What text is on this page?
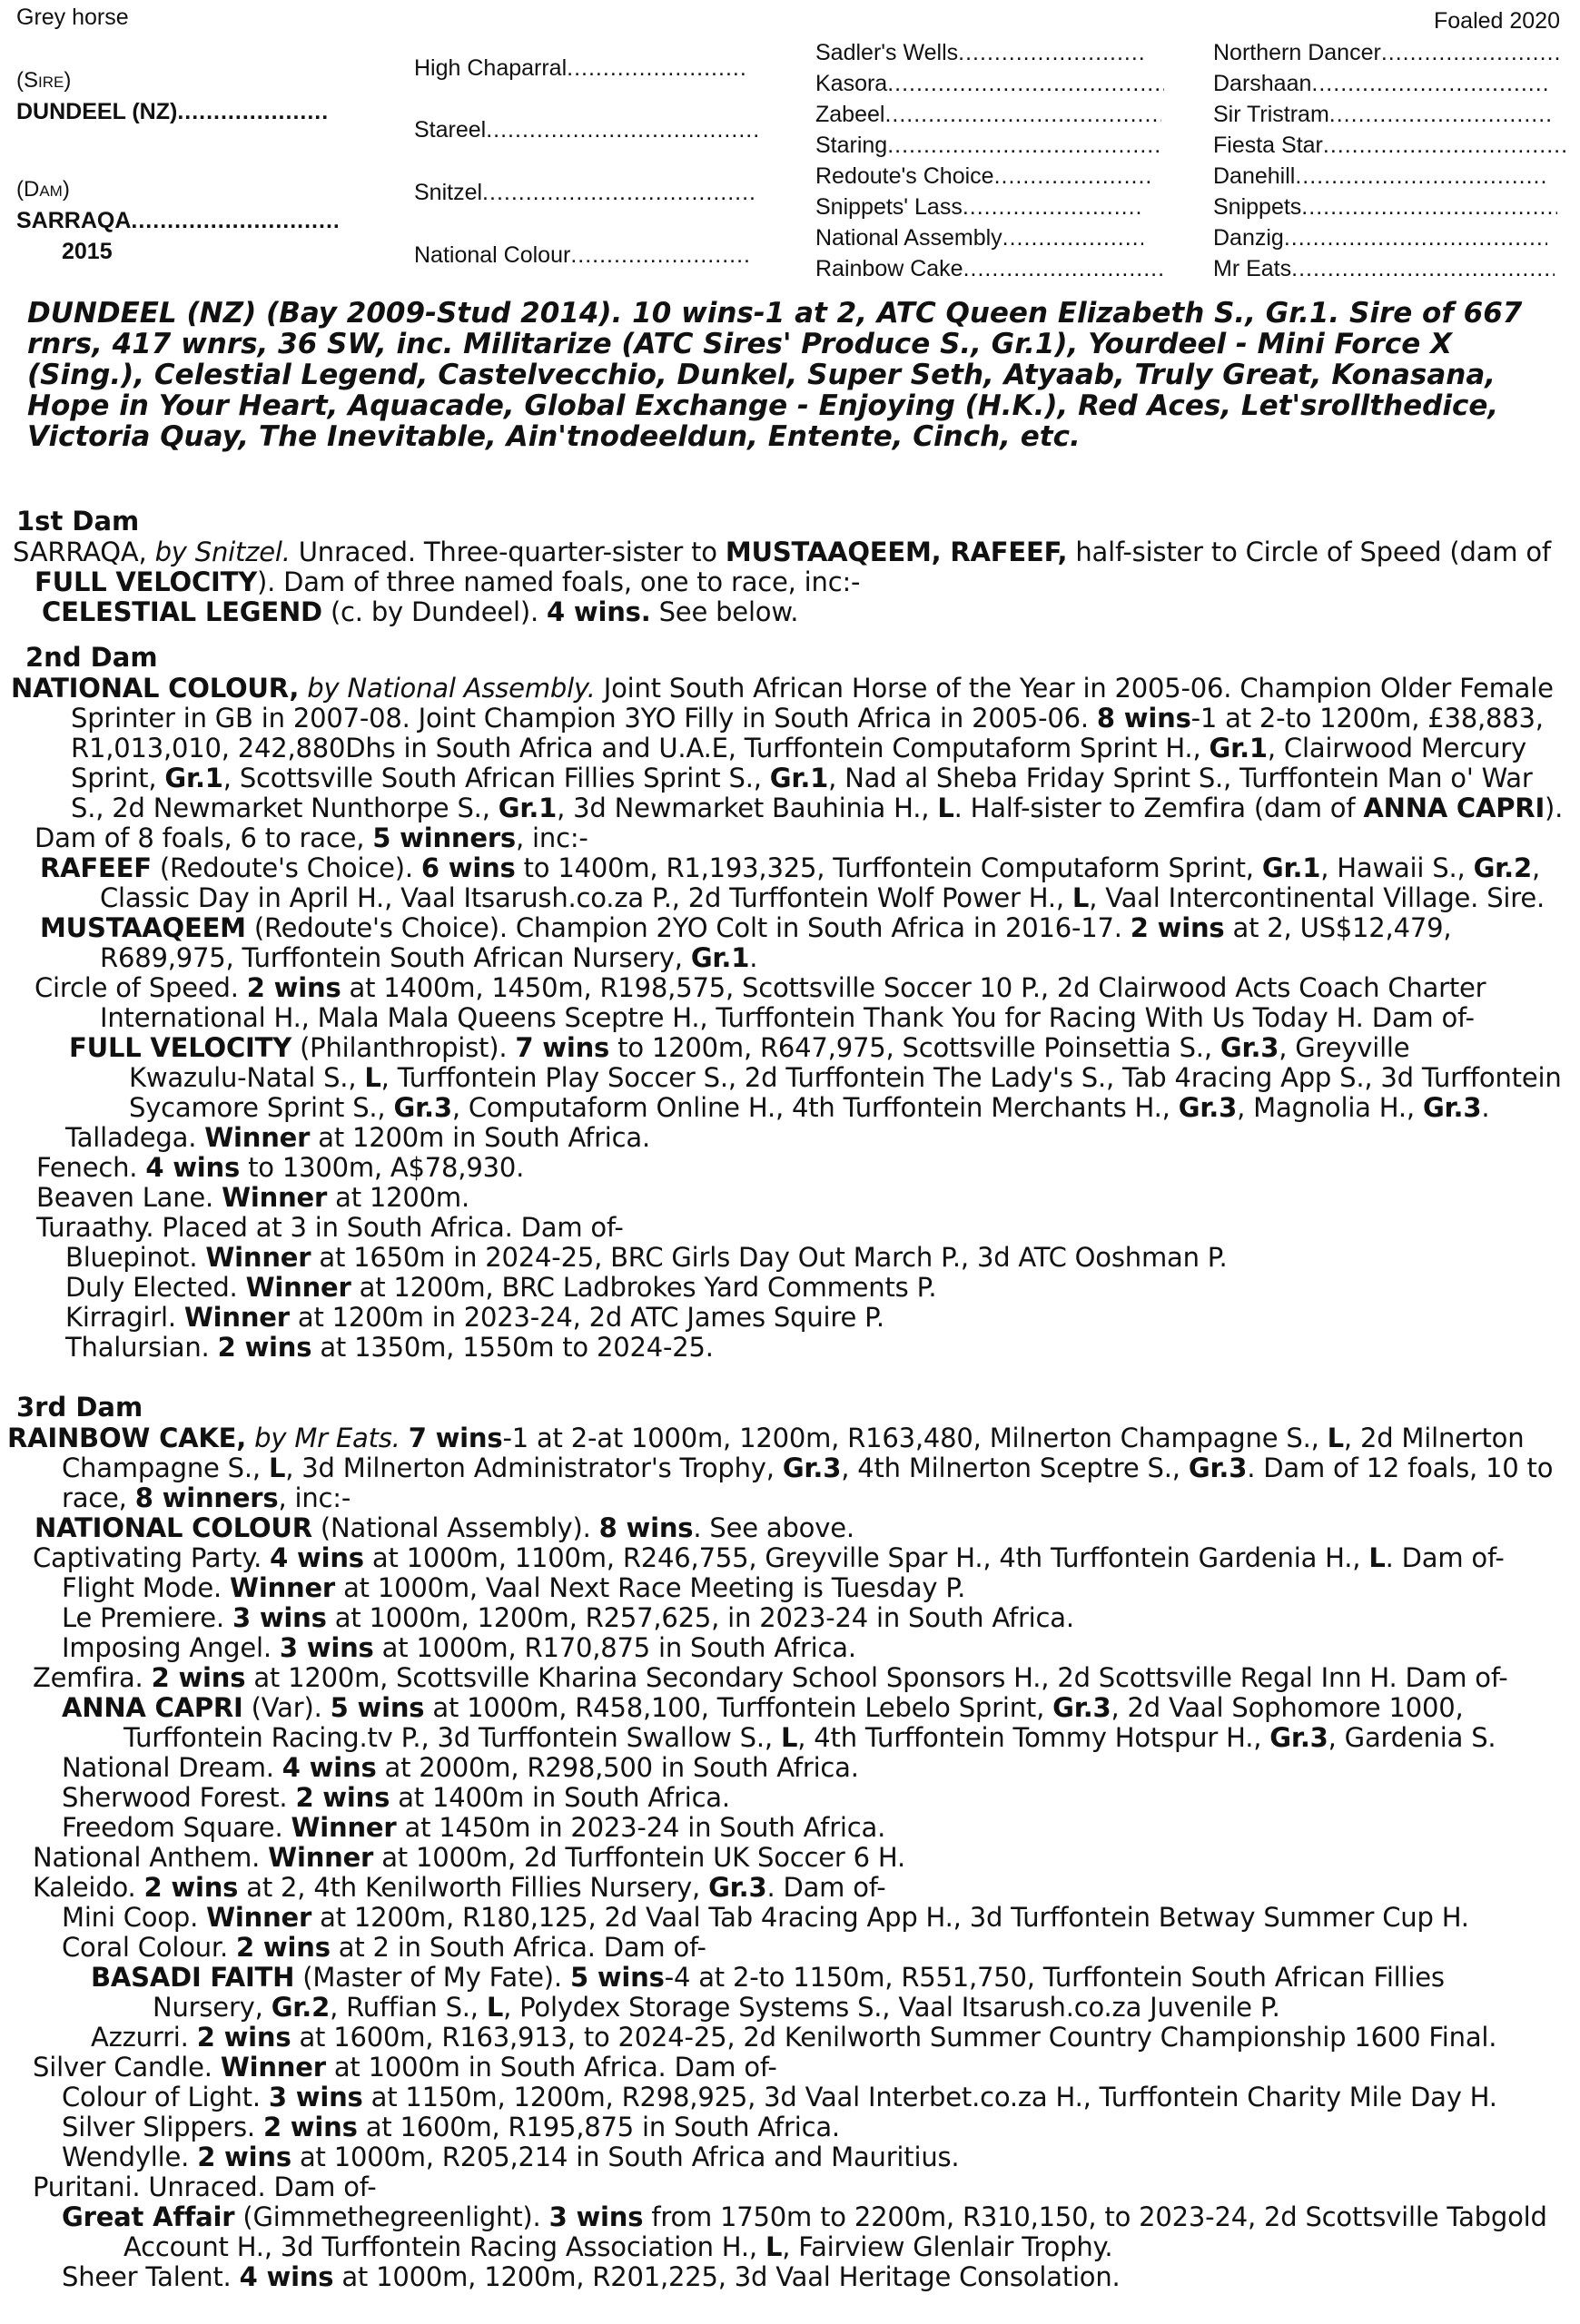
Grey horse
(Sire)
DUNDEEL (NZ).....
(Dam)
SARRAQA.....
2015
High Chaparral.....
Stareel.....
Snitzel.....
National Colour.....
Sadler's Wells.....
Kasora.....
Zabeel.....
Staring.....
Redoute's Choice.....
Snippets' Lass.....
National Assembly.....
Rainbow Cake.....
Northern Dancer.....
Darshaan.....
Sir Tristram.....
Fiesta Star.....
Danehill.....
Snippets.....
Danzig.....
Mr Eats.....
Foaled 2020
DUNDEEL (NZ) (Bay 2009-Stud 2014). 10 wins-1 at 2, ATC Queen Elizabeth S., Gr.1. Sire of 667 rnrs, 417 wnrs, 36 SW, inc. Militarize (ATC Sires' Produce S., Gr.1), Yourdeel - Mini Force X (Sing.), Celestial Legend, Castelvecchio, Dunkel, Super Seth, Atyaab, Truly Great, Konasana, Hope in Your Heart, Aquacade, Global Exchange - Enjoying (H.K.), Red Aces, Let'srollthedice, Victoria Quay, The Inevitable, Ain'tnodeeldun, Entente, Cinch, etc.
1st Dam
SARRAQA, by Snitzel. Unraced. Three-quarter-sister to MUSTAAQEEM, RAFEEF, half-sister to Circle of Speed (dam of
FULL VELOCITY). Dam of three named foals, one to race, inc:-
CELESTIAL LEGEND (c. by Dundeel). 4 wins. See below.
2nd Dam
NATIONAL COLOUR, by National Assembly. Joint South African Horse of the Year in 2005-06. Champion Older Female
Sprinter in GB in 2007-08. Joint Champion 3YO Filly in South Africa in 2005-06. 8 wins-1 at 2-to 1200m, £38,883,
R1,013,010, 242,880Dhs in South Africa and U.A.E, Turffontein Computaform Sprint H., Gr.1, Clairwood Mercury
Sprint, Gr.1, Scottsville South African Fillies Sprint S., Gr.1, Nad al Sheba Friday Sprint S., Turffontein Man o' War
S., 2d Newmarket Nunthorpe S., Gr.1, 3d Newmarket Bauhinia H., L. Half-sister to Zemfira (dam of ANNA CAPRI).
Dam of 8 foals, 6 to race, 5 winners, inc:-
RAFEEF (Redoute's Choice). 6 wins to 1400m, R1,193,325, Turffontein Computaform Sprint, Gr.1, Hawaii S., Gr.2,
Classic Day in April H., Vaal Itsarush.co.za P., 2d Turffontein Wolf Power H., L, Vaal Intercontinental Village. Sire.
MUSTAAQEEM (Redoute's Choice). Champion 2YO Colt in South Africa in 2016-17. 2 wins at 2, US$12,479,
R689,975, Turffontein South African Nursery, Gr.1.
Circle of Speed. 2 wins at 1400m, 1450m, R198,575, Scottsville Soccer 10 P., 2d Clairwood Acts Coach Charter
International H., Mala Mala Queens Sceptre H., Turffontein Thank You for Racing With Us Today H. Dam of-
FULL VELOCITY (Philanthropist). 7 wins to 1200m, R647,975, Scottsville Poinsettia S., Gr.3, Greyville
Kwazulu-Natal S., L, Turffontein Play Soccer S., 2d Turffontein The Lady's S., Tab 4racing App S., 3d Turffontein
Sycamore Sprint S., Gr.3, Computaform Online H., 4th Turffontein Merchants H., Gr.3, Magnolia H., Gr.3.
Talladega. Winner at 1200m in South Africa.
Fenech. 4 wins to 1300m, A$78,930.
Beaven Lane. Winner at 1200m.
Turaathy. Placed at 3 in South Africa. Dam of-
Bluepinot. Winner at 1650m in 2024-25, BRC Girls Day Out March P., 3d ATC Ooshman P.
Duly Elected. Winner at 1200m, BRC Ladbrokes Yard Comments P.
Kirragirl. Winner at 1200m in 2023-24, 2d ATC James Squire P.
Thalursian. 2 wins at 1350m, 1550m to 2024-25.
3rd Dam
RAINBOW CAKE, by Mr Eats. 7 wins-1 at 2-at 1000m, 1200m, R163,480, Milnerton Champagne S., L, 2d Milnerton
Champagne S., L, 3d Milnerton Administrator's Trophy, Gr.3, 4th Milnerton Sceptre S., Gr.3. Dam of 12 foals, 10 to
race, 8 winners, inc:-
NATIONAL COLOUR (National Assembly). 8 wins. See above.
Captivating Party. 4 wins at 1000m, 1100m, R246,755, Greyville Spar H., 4th Turffontein Gardenia H., L. Dam of-
Flight Mode. Winner at 1000m, Vaal Next Race Meeting is Tuesday P.
Le Premiere. 3 wins at 1000m, 1200m, R257,625, in 2023-24 in South Africa.
Imposing Angel. 3 wins at 1000m, R170,875 in South Africa.
Zemfira. 2 wins at 1200m, Scottsville Kharina Secondary School Sponsors H., 2d Scottsville Regal Inn H. Dam of-
ANNA CAPRI (Var). 5 wins at 1000m, R458,100, Turffontein Lebelo Sprint, Gr.3, 2d Vaal Sophomore 1000,
Turffontein Racing.tv P., 3d Turffontein Swallow S., L, 4th Turffontein Tommy Hotspur H., Gr.3, Gardenia S.
National Dream. 4 wins at 2000m, R298,500 in South Africa.
Sherwood Forest. 2 wins at 1400m in South Africa.
Freedom Square. Winner at 1450m in 2023-24 in South Africa.
National Anthem. Winner at 1000m, 2d Turffontein UK Soccer 6 H.
Kaleido. 2 wins at 2, 4th Kenilworth Fillies Nursery, Gr.3. Dam of-
Mini Coop. Winner at 1200m, R180,125, 2d Vaal Tab 4racing App H., 3d Turffontein Betway Summer Cup H.
Coral Colour. 2 wins at 2 in South Africa. Dam of-
BASADI FAITH (Master of My Fate). 5 wins-4 at 2-to 1150m, R551,750, Turffontein South African Fillies
Nursery, Gr.2, Ruffian S., L, Polydex Storage Systems S., Vaal Itsarush.co.za Juvenile P.
Azzurri. 2 wins at 1600m, R163,913, to 2024-25, 2d Kenilworth Summer Country Championship 1600 Final.
Silver Candle. Winner at 1000m in South Africa. Dam of-
Colour of Light. 3 wins at 1150m, 1200m, R298,925, 3d Vaal Interbet.co.za H., Turffontein Charity Mile Day H.
Silver Slippers. 2 wins at 1600m, R195,875 in South Africa.
Wendylle. 2 wins at 1000m, R205,214 in South Africa and Mauritius.
Puritani. Unraced. Dam of-
Great Affair (Gimmethegreenlight). 3 wins from 1750m to 2200m, R310,150, to 2023-24, 2d Scottsville Tabgold
Account H., 3d Turffontein Racing Association H., L, Fairview Glenlair Trophy.
Sheer Talent. 4 wins at 1000m, 1200m, R201,225, 3d Vaal Heritage Consolation.
